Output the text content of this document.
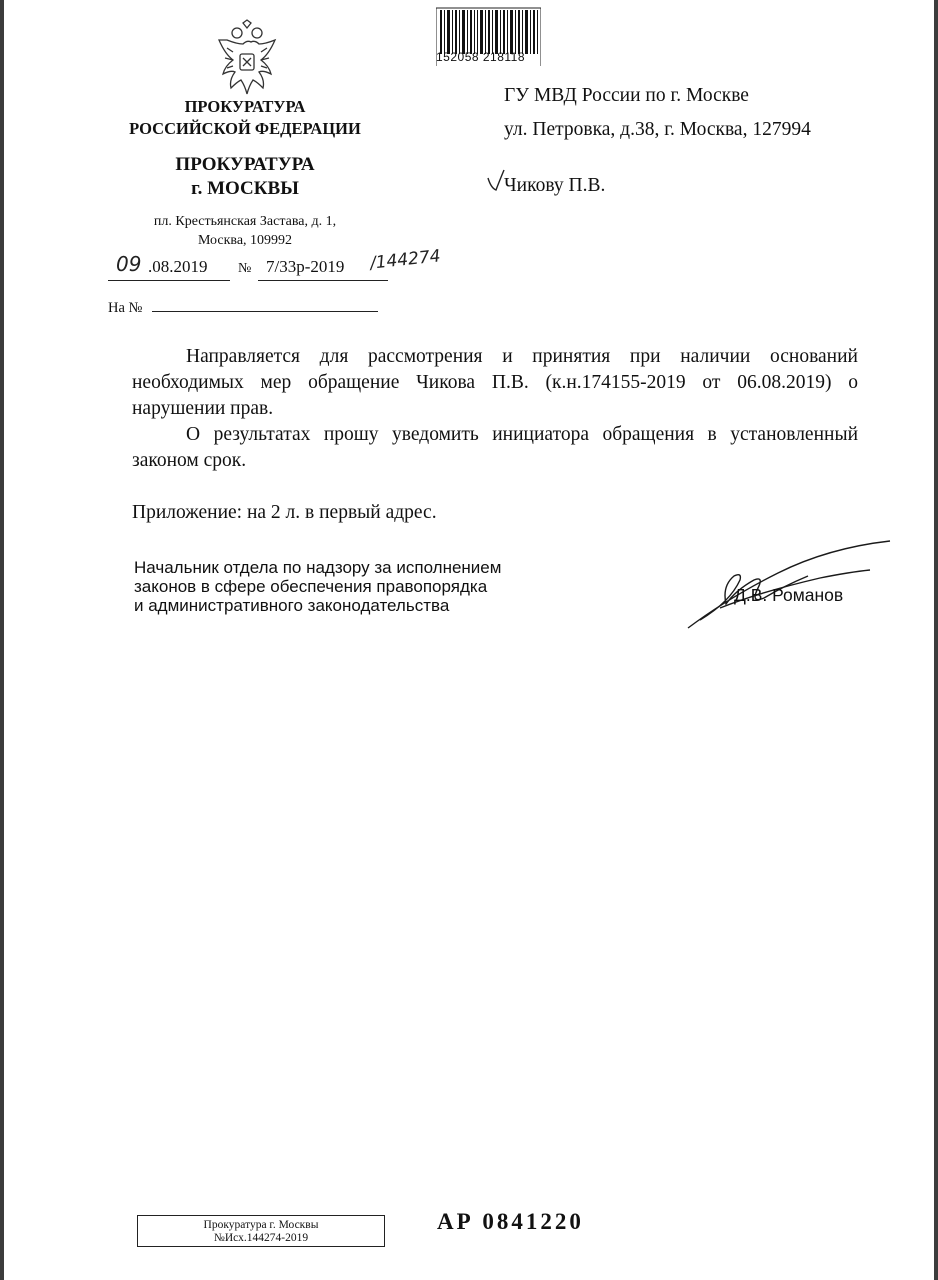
ПРОКУРАТУРА
РОССИЙСКОЙ ФЕДЕРАЦИИ
ПРОКУРАТУРА
г. МОСКВЫ
пл. Крестьянская Застава, д. 1,
Москва, 109992
09 .08.2019 № 7/33р-2019 /144274
На №
152058 218118
ГУ МВД России по г. Москве
ул. Петровка, д.38, г. Москва, 127994
Чикову П.В.
Направляется для рассмотрения и принятия при наличии оснований необходимых мер обращение Чикова П.В. (к.н.174155-2019 от 06.08.2019) о нарушении прав.
О результатах прошу уведомить инициатора обращения в установленный законом срок.
Приложение: на 2 л. в первый адрес.
Начальник отдела по надзору за исполнением
законов в сфере обеспечения правопорядка
и административного законодательства
Д.В. Романов
Прокуратура г. Москвы
№Исх.144274-2019
АР 0841220
